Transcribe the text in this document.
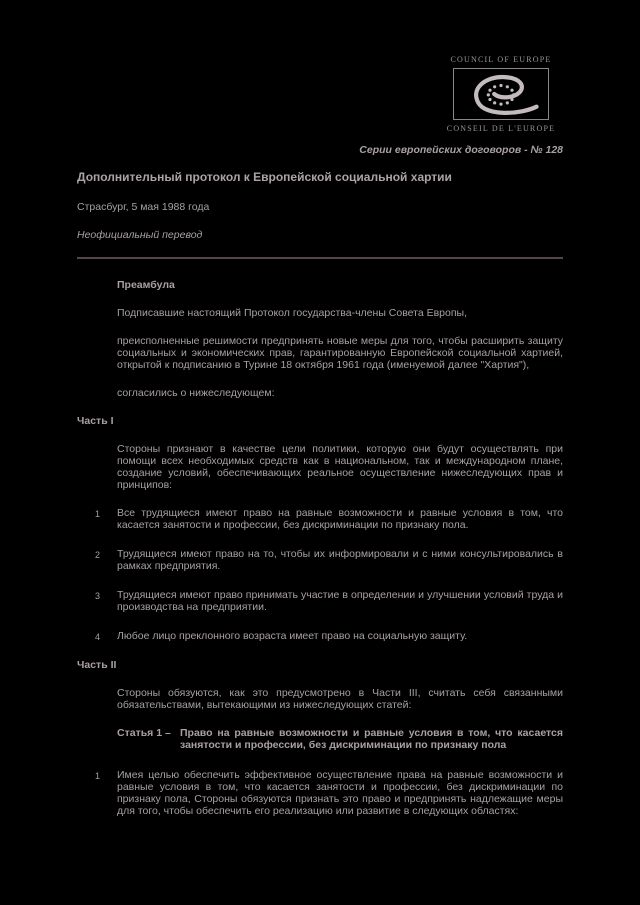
COUNCIL OF EUROPE
CONSEIL DE L'EUROPE
Серии европейских договоров - № 128
Дополнительный протокол к Европейской социальной хартии

Страсбург, 5 мая 1988 года

Неофициальный перевод

Преамбула

Подписавшие настоящий Протокол государства-члены Совета Европы,

преисполненные решимости предпринять новые меры для того, чтобы расширить защиту социальных и экономических прав, гарантированную Европейской социальной хартией, открытой к подписанию в Турине 18 октября 1961 года (именуемой далее "Хартия"),

согласились о нижеследующем:

Часть I

Стороны признают в качестве цели политики, которую они будут осуществлять при помощи всех необходимых средств как в национальном, так и международном плане, создание условий, обеспечивающих реальное осуществление нижеследующих прав и принципов:

1 Все трудящиеся имеют право на равные возможности и равные условия в том, что касается занятости и профессии, без дискриминации по признаку пола.
2 Трудящиеся имеют право на то, чтобы их информировали и с ними консультировались в рамках предприятия.
3 Трудящиеся имеют право принимать участие в определении и улучшении условий труда и производства на предприятии.
4 Любое лицо преклонного возраста имеет право на социальную защиту.

Часть II

Стороны обязуются, как это предусмотрено в Части III, считать себя связанными обязательствами, вытекающими из нижеследующих статей:

Статья 1 – Право на равные возможности и равные условия в том, что касается занятости и профессии, без дискриминации по признаку пола
1 Имея целью обеспечить эффективное осуществление права на равные возможности и равные условия в том, что касается занятости и профессии, без дискриминации по признаку пола, Стороны обязуются признать это право и предпринять надлежащие меры для того, чтобы обеспечить его реализацию или развитие в следующих областях:
